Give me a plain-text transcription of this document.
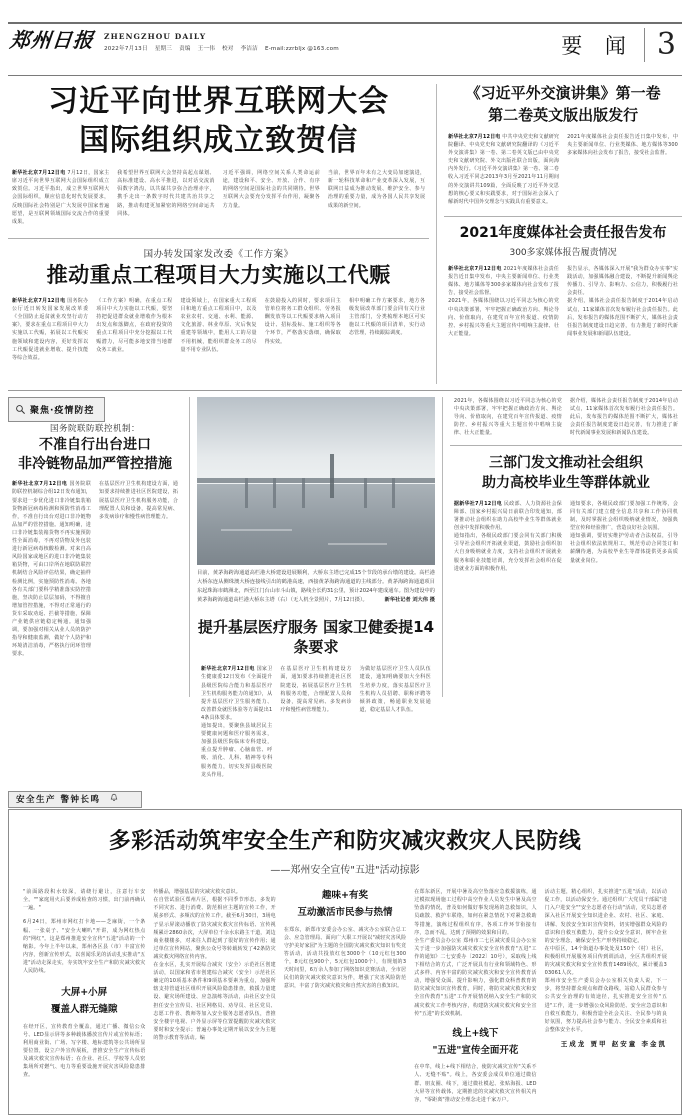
郑州日报 ZHENGZHOU DAILY
2022年7月13日 星期三 责编 王一伟 校对 李洁洁 E-mail:zzrbljx @163.com	要 闻 3
习近平向世界互联网大会
国际组织成立致贺信
新华社北京7月12日电 7月12日，国家主席习近平向世界互联网大会国际组织成立致贺信。习近平指出，成立世界互联网大会国际组织，顺应信息化时代发展要求，反映国际社会特别是广大发展中国家普遍愿望，是互联网领域国际交流合作的重要成果。
我希望世界互联网大会坚持高起点谋划、高标准建设、高水平推进，以对话交流消弭数字鸿沟，以共谋共享弥合治理赤字，携手走出一条数字时代共建共治共享之路，推动构建更加紧密的网络空间命运共同体。
习近平强调，网络空间关系人类命运前途，建设和平、安全、开放、合作、有序的网络空间是国际社会的共同期待。世界互联网大会要充分发挥平台作用，凝聚各方力量。
当前，世界百年未有之大变局加速演进，新一轮科技革命和产业变革深入发展，互联网日益成为推动发展、维护安全、参与治理的重要力量，成为各国人民共享发展成果的新空间。
国办转发国家发改委《工作方案》
推动重点工程项目大力实施以工代赈
新华社北京7月12日电 国务院办公厅近日转发国家发展改革委《全国防止返贫就业攻坚行动方案》，要求在重点工程项目中大力实施以工代赈，拓展以工代赈实施领域和建设内容，更好发挥以工代赈促进就业增收、提升技能等综合效益。
《工作方案》明确，在重点工程项目中大力实施以工代赈，要坚持把促进群众就业增收作为根本出发点和落脚点，在政府投资的重点工程项目中充分挖掘以工代赈潜力，尽可能多地安排当地群众务工就业。
建设领域上，在国家重大工程项目和地方重点工程项目中，以及农业农村、交通、水利、能源、文化旅游、林业草原、灾后恢复重建等领域中，能用人工的尽量不用机械，能组织群众务工的尽量不用专业队伍。
在鼓励投入的同时，要求项目主管单位将务工群众组织、劳务报酬发放等以工代赈要求纳入项目设计、招标投标、施工组织等各个环节，严格落实落细，确保取得实效。
相中明确工作方案要求，地方各级发展改革部门要会同有关行业主管部门，分类梳理本地区可实施以工代赈的项目清单，实行动态管理，持续跟踪调度。
《习近平外交演讲集》第一卷
第二卷英文版出版发行
新华社北京7月12日电 中共中央党史和文献研究院翻译、中央党史和文献研究院翻译的《习近平外交演讲集》第一卷、第二卷英文版已由中央党史和文献研究院、外文出版社联合出版，面向海内外发行。《习近平外交演讲集》第一卷、第二卷收入习近平同志2013年3月至2021年11月期间的外交演讲共109篇，全面反映了习近平外交思想的核心要义和实践要求，对于国际社会深入了解新时代中国外交理念与实践具有重要意义。
2021年度媒体社会责任报告近日集中发布，中央主要新闻单位、行业类媒体、地方媒体等300多家媒体向社会发布了报告，接受社会监督。
2021年度媒体社会责任报告发布
300多家媒体报告履责情况
新华社北京7月12日电 2021年度媒体社会责任报告近日集中发布，中央主要新闻单位、行业类媒体、地方媒体等300多家媒体向社会发布了报告，接受社会监督。
2021年，各媒体围绕以习近平同志为核心的党中央决策部署，牢牢把握正确政治方向、舆论导向、价值取向，在建党百年宣传报道、疫情防控、乡村振兴等重大主题宣传中唱响主旋律、壮大正能量。
报告显示，各媒体深入开展"我为群众办实事"实践活动，加强媒体融合建设，不断提升新闻舆论传播力、引导力、影响力、公信力，积极履行社会责任。
据介绍，媒体社会责任报告制度于2014年启动试点，11家媒体首次发布履行社会责任报告。此后，发布报告的媒体范围不断扩大，媒体社会责任报告制度建设日趋完善，有力推进了新时代新闻事业发展和新闻队伍建设。
聚焦·疫情防控
国务院联防联控机制：
不准自行出台进口
非冷链物品加严管控措施
新华社北京7月12日电 国务院联防联控机制综合组12日发布通知，要求进一步优化进口非冷链集装箱货物新冠病毒检测和预防性消毒工作，不准自行出台对进口非冷链物品加严的管控措施。通知明确，进口非冷链集装箱货物不再实施预防性全面消毒，不再对货物及外包装进行新冠病毒核酸检测。对来自高风险国家或地区的进口非冷链集装箱货物，可由口岸所在地联防联控机制结合风险评估结果，确定抽样检测比例，实施预防性消毒。各地各有关部门要科学精准落实防控措施，坚决防止层层加码，不得擅自增加管控措施，不得对正常通行的货车采取劝返、拦截等措施，保障产业链供应链稳定畅通。通知强调，要加强对相关从业人员的防护指导和健康监测，做好个人防护和环境清洁消毒，严格执行闭环管理要求。
在基层医疗卫生机构建设方面，通知要求持续推进社区医院建设，拓展基层医疗卫生机构服务功能，合理配置人员和设备，提高常见病、多发病诊疗和慢性病管理能力。
目前，黄茅海跨海通道高栏港大桥建设进展顺利，大桥东主塔已完成15个节段的承台墩的建设。高栏港大桥东连从侧珠澳大桥连接线引出的鹤港高速，西接黄茅海跨海通道的主线部分。黄茅海跨海通道项目东起珠海市鹤洲北，西至江门台山市斗山镇，路线全长约31公里，预计2024年建成通车。图为建设中的黄茅海跨海通道高栏港大桥东主塔（右）（无人机全景照片，7月12日摄）。	新华社记者 刘大伟 摄
提升基层医疗服务 国家卫健委提14条要求
新华社北京7月12日电 国家卫生健康委12日发布《全面提升县级医院综合能力和基层医疗卫生机构服务能力的通知》，从提升基层医疗卫生服务能力、改善群众就医体验等方面提出14条具体要求。
通知提出，要聚焦县域居民主要健康问题和医疗服务需求，加强县级医院临床专科建设，重点提升肿瘤、心脑血管、呼吸、消化、儿科、精神等专科服务能力，切实发挥县级医院龙头作用。
在基层医疗卫生机构建设方面，通知要求持续推进社区医院建设，拓展基层医疗卫生机构服务功能，合理配置人员和设备，提高常见病、多发病诊疗和慢性病管理能力。
为做好基层医疗卫生人员队伍建设，通知明确要加大全科医生培养力度，落实基层医疗卫生机构人员招聘、职称评聘等倾斜政策，畅通职业发展通道，稳定基层人才队伍。
2021年，各媒体围绕以习近平同志为核心的党中央决策部署，牢牢把握正确政治方向、舆论导向、价值取向，在建党百年宣传报道、疫情防控、乡村振兴等重大主题宣传中唱响主旋律、壮大正能量。
据介绍，媒体社会责任报告制度于2014年启动试点，11家媒体首次发布履行社会责任报告。此后，发布报告的媒体范围不断扩大，媒体社会责任报告制度建设日趋完善，有力推进了新时代新闻事业发展和新闻队伍建设。
三部门发文推动社会组织
助力高校毕业生等群体就业
据新华社7月12日电 民政部、人力资源社会保障部、国家乡村振兴局日前联合印发通知，部署推动社会组织在助力高校毕业生等群体就业创业中发挥积极作用。
通知指出，各级民政部门要会同有关部门积极引导社会组织开拓就业渠道，鼓励社会组织加大自身吸纳就业力度，支持社会组织开展就业服务和职业技能培训，充分发挥社会组织在促进就业方面的积极作用。
通知要求，各级民政部门要加强工作统筹，会同有关部门建立健全信息共享和工作协同机制，及时掌握社会组织吸纳就业情况，加强典型宣传和经验推广，营造良好社会氛围。
通知强调，要切实维护劳动者合法权益，引导社会组织依法依规用工，规范劳动合同签订和薪酬待遇，为高校毕业生等群体提供更多高质量就业岗位。
安全生产 警钟长鸣
多彩活动筑牢安全生产和防灾减灾救灾人民防线
——郑州安全宣传"五进"活动掠影
"前面路段积水较深，请绕行避让，注意行车安全。""家庭用火后要养成检查的习惯，出门前再确认一遍。"
6月24日，郑州市网红打卡地——芝麻街，一个条幅、一张桌子、"安全大喇叭"开讲，成为网红热点的"网红"。这是郑州推进安全宣传"五进"活动的一个缩影。今年上半年以来，郑州各区县（市）丰富宣传内容，创新宣传形式，以喜闻乐见的活动扎实推动"五进"活动走深走实，夯实筑牢安全生产和防灾减灾救灾人民防线。
大屏+小屏
覆盖人群无缝隙
在经开区，宣传教育全覆盖，通过广播、微信公众号、LED显示屏等多种载体播放宣传片或宣传标语；利用商业街、广场、写字楼、地标建筑等公共场所显要位置，设立户外宣传展板，普推安全生产宣传标语及减灾救灾宣传标语；在企业、社区、学校等人员密集场所对燃气、电力等重要设施开展灾害风险隐患排查。
传播品，增强基层的灾减灾救灾意识。
在自管试验区郑州片区，根据不同季节形态、多发的不同灾害、进行消费、防范相应主题的宣传工作，开展多形式、多频次的宣传工作。截至6月30日，3场电子显示屏滚动播放了防灾减灾救灾宣传标语、宣传视频累计2860余次，大屏单位千余水东路主干道，刘边商业楼楼多，对来往人群起到了很好的宣传作用；通过单位宣传网站，聚焦公众号等转载转发了42条防灾减灾救灾网络宣传内容。
在金水区，扎实开展综合减灾（安全）示范社区创建活动，以国家和省市创建综合减灾（安全）示范社区确定的10项基本条件和9项基本要素为重点，加强所辖支持管道社区组织开展风险隐患排查，救援力量建设、避灾场所建设、应急演练等活动，由社区安全员担任安全宣传员、社区网格员、劝导员、社区党员、志愿工作者、教师等加入安全服务志愿者队伍，普推安全楼宇电视、户外显示屏等位置提醒防灾减灾救灾要时和安全提示；普遍办事处定期开展以安全为主题的警示教育等活动。编
趣味+有奖
互动激活市民参与热情
在郑东，新郑市安委会办公室、减灾办公室联合总工会、应急管理局、面向广大职工开展以"减轻灾害风险 守护美好家园"为主题的全国防灾减灾救灾知识有奖竞答活动，活动共投放红包3000个（10元红包300个，8元红包900个，5元红包1000个），有规划的3天时间里，6万余人参加了网络知识竞赛活动，全市居民们的防灾减灾救灾意识为伴，增强了灾害风险防范意识，丰富了防灾减灾救灾和自然灾害的自救知识。
在郑东新区，开展中暑及高空坠落应急救援演练，通过模拟现场施工过程中高空作业人员发生中暑及高空坠落的情况，普及如何做好事发现场的急救知识，人员疏散、救护车联络，如何在紧急情况下对紧急救助等措施，演练过程组织有序，各项工作环节衔接有序，急而不乱，达到了预期的效果和目的。
全生产委员会办公室 郑州市二七区减灾委员会办公室关于进一步加强防灾减灾救灾安全宣传教育"五进"工作的通知》二七安委办〔2022〕10号），采取线上线下相结合的方式，广泛开展具有行业和领域特色、形式多样、内容丰富的防灾减灾救灾和安全宣传教育活动，增强受众面、提升影响力，强化群众科普教育的防灾减灾知识宣传教育。同时，将防灾减灾救灾和安全宣传教育"五进"工作开展情况纳入安全生产和防灾减灾救灾工作考核内容，构建防灾减灾救灾和安全宣传"五进"的长效机制。
线上+线下
"五进"宣传全面开花
在中牟，线上+线下相结合，使防灾减灾宣传"关系不人、无缝不贴"。线上，各安委会成员单位通过微信群、朋友圈、线下，通过微社模起、张贴海报、LED大屏等宣传载体，定期推送的灾减灾救灾宣传相关内容，"零距离"推动安全理念走进千家万户。
活动主题，精心组织，扎实推进"五进"活动，以活动促工作，以活动保安全。通过组织广大党员干部属"进门入户进安全""安全志愿者在行动"活动，党员志愿者深入社区开展安全知识进企业、农村、社区、家庭、讲解、发放安全知识宣传资料，切实增强群众风险的意识和自救互救能力，提升公众安全意识，树牢企业的安全理念，确保安全生产形势持续稳定。
在中原区，14个街道办事处处及150个（村）社区，积极组织开展服务项目传到训活动，全区共组织开展的灾减灾救灾和安全宣传教育1489场次，累计覆盖303061人次。
郑州市安全生产委员会办公室相关负责人说，下一步，将坚持群众观点和群众路线，站稳人民群众参与公共安全治理的有效途径，扎实推进安全宣传"五进"工作，进一步增强公众风险防范、安全应急意识和自救互救能力，积极营造全社会关注、全民参与的良好氛围，努力提高社会参与能力、全民安全素质和社会整体安全水平。
王成龙 贾甲 赵安童 李金凯
